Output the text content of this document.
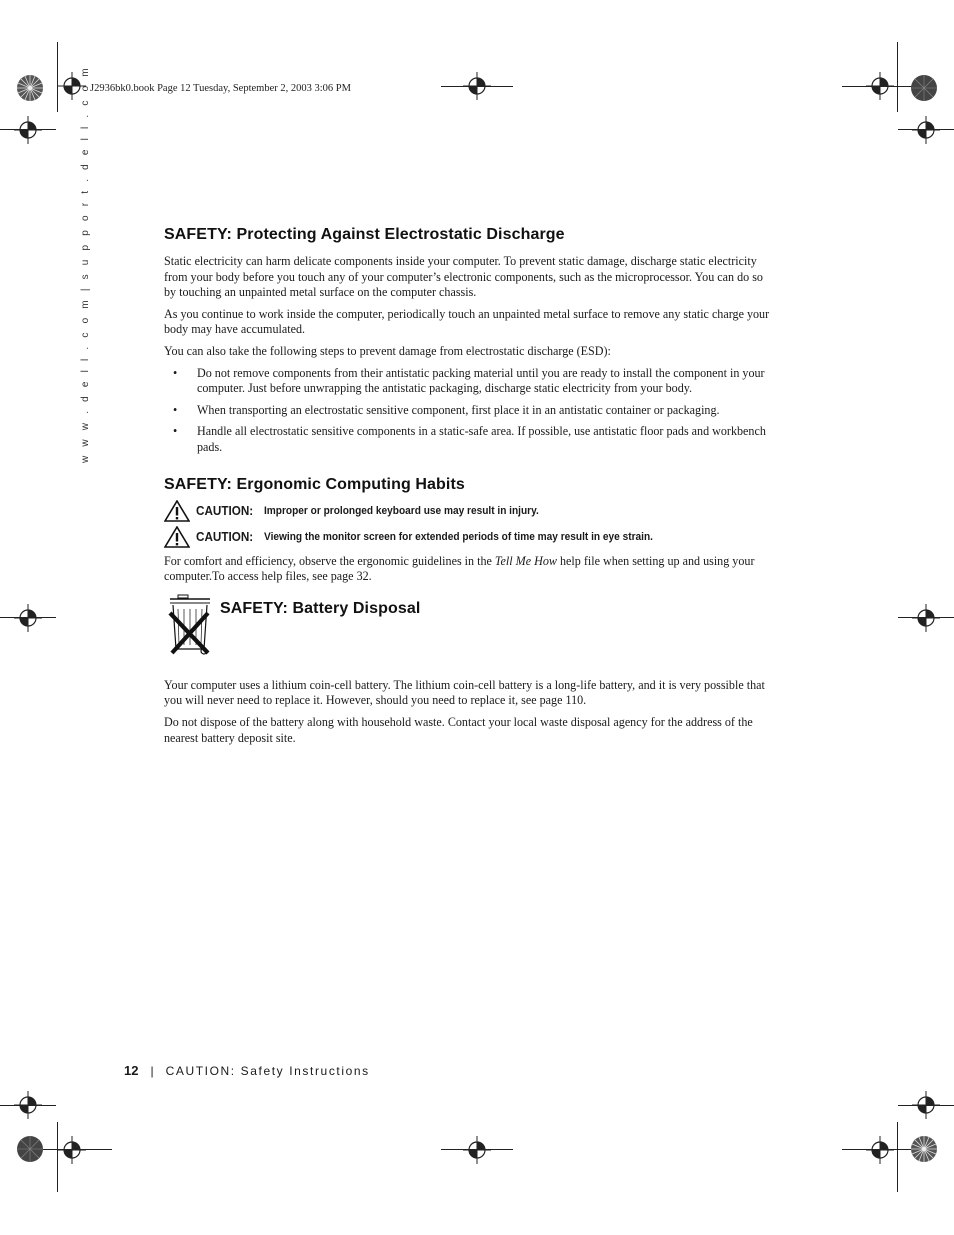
J2936bk0.book Page 12 Tuesday, September 2, 2003 3:06 PM
w w w . d e l l . c o m | s u p p o r t . d e l l . c o m	SAFETY: Protecting Against Electrostatic Discharge

Static electricity can harm delicate components inside your computer. To prevent static damage, discharge static electricity from your body before you touch any of your computer’s electronic components, such as the microprocessor. You can do so by touching an unpainted metal surface on the computer chassis.

As you continue to work inside the computer, periodically touch an unpainted metal surface to remove any static charge your body may have accumulated.

You can also take the following steps to prevent damage from electrostatic discharge (ESD):

• Do not remove components from their antistatic packing material until you are ready to install the component in your computer. Just before unwrapping the antistatic packaging, discharge static electricity from your body.
• When transporting an electrostatic sensitive component, first place it in an antistatic container or packaging.
• Handle all electrostatic sensitive components in a static-safe area. If possible, use antistatic floor pads and workbench pads.
SAFETY: Ergonomic Computing Habits
CAUTION: Improper or prolonged keyboard use may result in injury.
CAUTION: Viewing the monitor screen for extended periods of time may result in eye strain.

For comfort and efficiency, observe the ergonomic guidelines in the Tell Me How help file when setting up and using your computer.To access help files, see page 32.

SAFETY: Battery Disposal

Your computer uses a lithium coin-cell battery. The lithium coin-cell battery is a long-life battery, and it is very possible that you will never need to replace it. However, should you need to replace it, see page 110.

Do not dispose of the battery along with household waste. Contact your local waste disposal agency for the address of the nearest battery deposit site.

12 | CAUTION: Safety Instructions
